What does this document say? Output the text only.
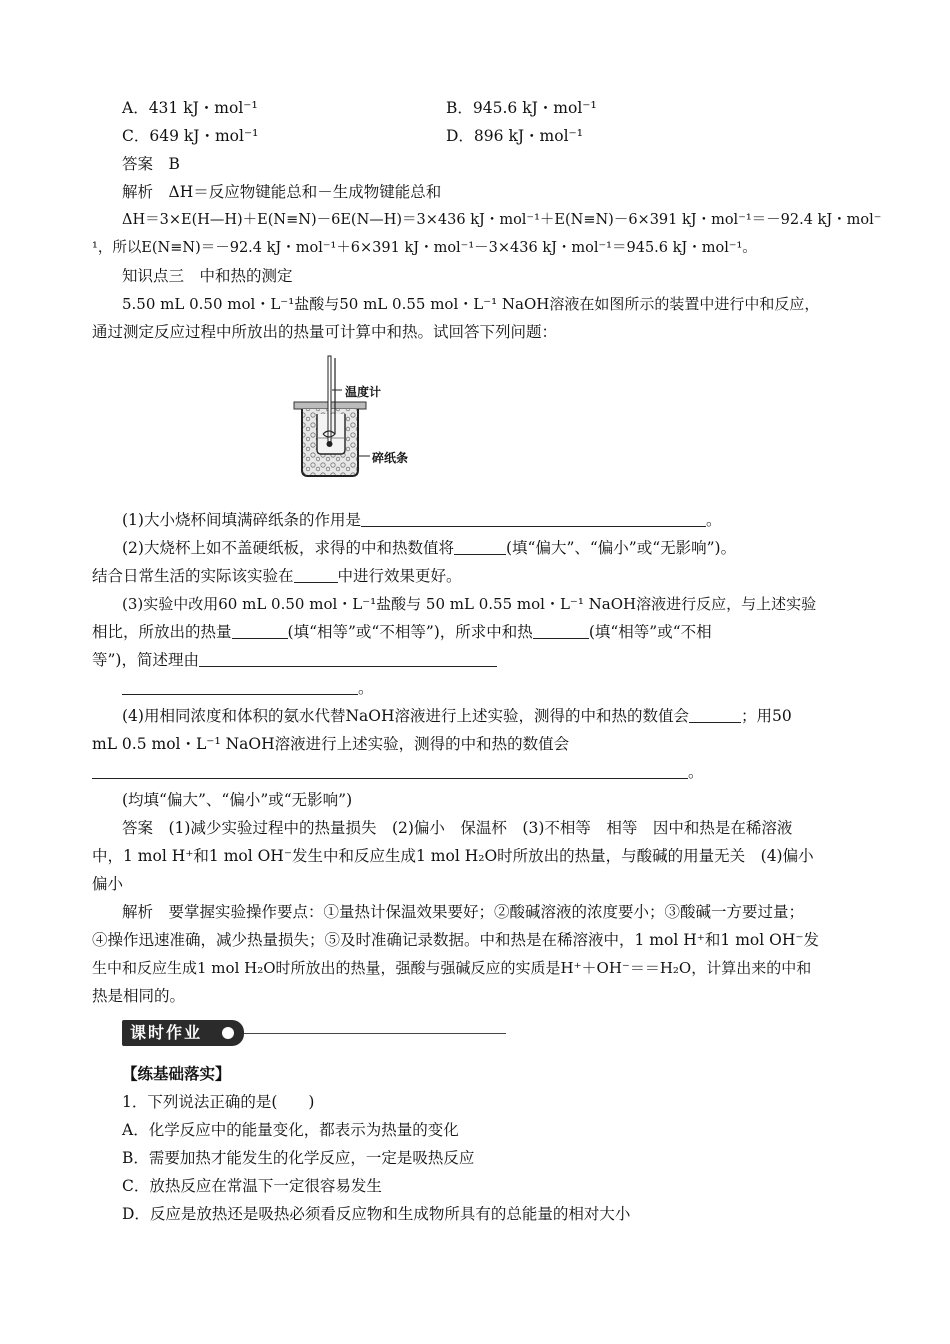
A．431 kJ・mol⁻¹	B．945.6 kJ・mol⁻¹
C．649 kJ・mol⁻¹	D．896 kJ・mol⁻¹
答案　B
解析　ΔH＝反应物键能总和－生成物键能总和
ΔH＝3×E(H—H)＋E(N≡N)－6E(N—H)＝3×436 kJ・mol⁻¹＋E(N≡N)－6×391 kJ・mol⁻¹＝－92.4 kJ・mol⁻
¹，所以E(N≡N)＝－92.4 kJ・mol⁻¹＋6×391 kJ・mol⁻¹－3×436 kJ・mol⁻¹＝945.6 kJ・mol⁻¹。
知识点三　中和热的测定
5.50 mL 0.50 mol・L⁻¹盐酸与50 mL 0.55 mol・L⁻¹ NaOH溶液在如图所示的装置中进行中和反应，
通过测定反应过程中所放出的热量可计算中和热。试回答下列问题：
温度计
碎纸条
(1)大小烧杯间填满碎纸条的作用是	。
(2)大烧杯上如不盖硬纸板，求得的中和热数值将	(填“偏大”、“偏小”或“无影响”)。
结合日常生活的实际该实验在	中进行效果更好。
(3)实验中改用60 mL 0.50 mol・L⁻¹盐酸与 50 mL 0.55 mol・L⁻¹ NaOH溶液进行反应，与上述实验
相比，所放出的热量	(填“相等”或“不相等”)，所求中和热	(填“相等”或“不相
等”)，简述理由
。
(4)用相同浓度和体积的氨水代替NaOH溶液进行上述实验，测得的中和热的数值会	；用50
mL 0.5 mol・L⁻¹ NaOH溶液进行上述实验，测得的中和热的数值会
。
(均填“偏大”、“偏小”或“无影响”)
答案　(1)减少实验过程中的热量损失　(2)偏小　保温杯　(3)不相等　相等　因中和热是在稀溶液
中，1 mol H⁺和1 mol OH⁻发生中和反应生成1 mol H₂O时所放出的热量，与酸碱的用量无关　(4)偏小
偏小
解析　要掌握实验操作要点：①量热计保温效果要好；②酸碱溶液的浓度要小；③酸碱一方要过量；
④操作迅速准确，减少热量损失；⑤及时准确记录数据。中和热是在稀溶液中，1 mol H⁺和1 mol OH⁻发
生中和反应生成1 mol H₂O时所放出的热量，强酸与强碱反应的实质是H⁺＋OH⁻＝＝H₂O，计算出来的中和
热是相同的。
课时作业
【练基础落实】
1．下列说法正确的是(　　)
A．化学反应中的能量变化，都表示为热量的变化
B．需要加热才能发生的化学反应，一定是吸热反应
C．放热反应在常温下一定很容易发生
D．反应是放热还是吸热必须看反应物和生成物所具有的总能量的相对大小
